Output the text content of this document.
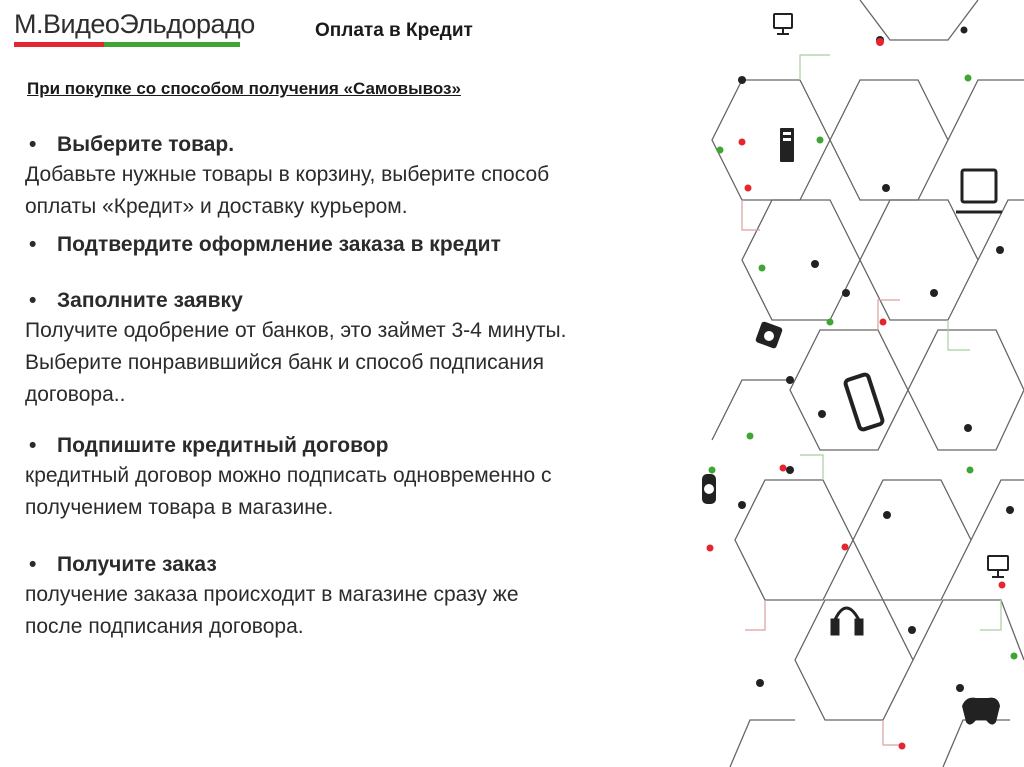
М.ВидеоЭльдорадо	Оплата в Кредит
При покупке со способом получения «Самовывоз»
• Выберите товар.
Добавьте нужные товары в корзину, выберите способ
оплаты «Кредит» и доставку курьером.
• Подтвердите оформление заказа в кредит
• Заполните заявку
Получите одобрение от банков, это займет 3-4 минуты.
Выберите понравившийся банк и способ подписания
договора..
• Подпишите кредитный договор
кредитный договор можно подписать одновременно с
получением товара в магазине.
• Получите заказ
получение заказа происходит в магазине сразу же
после подписания договора.
